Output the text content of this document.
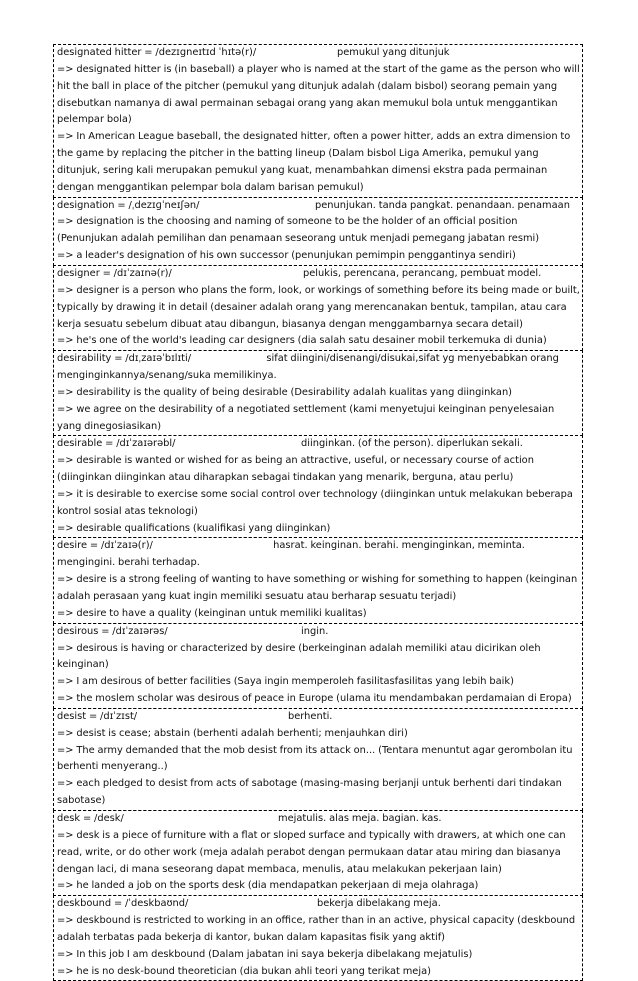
designated hitter = /dezɪgneɪtɪd ˈhɪtə(r)/	pemukul yang ditunjuk

=> designated hitter is (in baseball) a player who is named at the start of the game as the person who will hit the ball in place of the pitcher (pemukul yang ditunjuk adalah (dalam bisbol) seorang pemain yang disebutkan namanya di awal permainan sebagai orang yang akan memukul bola untuk menggantikan pelempar bola)

=> In American League baseball, the designated hitter, often a power hitter, adds an extra dimension to the game by replacing the pitcher in the batting lineup (Dalam bisbol Liga Amerika, pemukul yang ditunjuk, sering kali merupakan pemukul yang kuat, menambahkan dimensi ekstra pada permainan dengan menggantikan pelempar bola dalam barisan pemukul)

designation = /ˌdezɪɡˈneɪʃən/	penunjukan. tanda pangkat. penandaan. penamaan

=> designation is the choosing and naming of someone to be the holder of an official position (Penunjukan adalah pemilihan dan penamaan seseorang untuk menjadi pemegang jabatan resmi)

=> a leader's designation of his own successor (penunjukan pemimpin penggantinya sendiri)

designer = /dɪˈzaɪnə(r)/	pelukis, perencana, perancang, pembuat model.

=> designer is a person who plans the form, look, or workings of something before its being made or built, typically by drawing it in detail (desainer adalah orang yang merencanakan bentuk, tampilan, atau cara kerja sesuatu sebelum dibuat atau dibangun, biasanya dengan menggambarnya secara detail)

=> he's one of the world's leading car designers (dia salah satu desainer mobil terkemuka di dunia)

desirability = /dɪˌzaɪəˈbɪlɪti/	sifat diingini/disenangi/disukai,sifat yg menyebabkan orang menginginkannya/senang/suka memilikinya.

=> desirability is the quality of being desirable (Desirability adalah kualitas yang diinginkan)

=> we agree on the desirability of a negotiated settlement (kami menyetujui keinginan penyelesaian yang dinegosiasikan)

desirable = /dɪˈzaɪərəbl/	diinginkan. (of the person). diperlukan sekali.

=> desirable is wanted or wished for as being an attractive, useful, or necessary course of action (diinginkan diinginkan atau diharapkan sebagai tindakan yang menarik, berguna, atau perlu)

=> it is desirable to exercise some social control over technology (diinginkan untuk melakukan beberapa kontrol sosial atas teknologi)

=> desirable qualifications (kualifikasi yang diinginkan)

desire = /dɪˈzaɪə(r)/	hasrat. keinginan. berahi. menginginkan, meminta. mengingini. berahi terhadap.

=> desire is a strong feeling of wanting to have something or wishing for something to happen (keinginan adalah perasaan yang kuat ingin memiliki sesuatu atau berharap sesuatu terjadi)

=> desire to have a quality (keinginan untuk memiliki kualitas)

desirous = /dɪˈzaɪərəs/	ingin.

=> desirous is having or characterized by desire (berkeinginan adalah memiliki atau dicirikan oleh keinginan)

=> I am desirous of better facilities (Saya ingin memperoleh fasilitasfasilitas yang lebih baik)

=> the moslem scholar was desirous of peace in Europe (ulama itu mendambakan perdamaian di Eropa)

desist = /dɪˈzɪst/	berhenti.

=> desist is cease; abstain (berhenti adalah berhenti; menjauhkan diri)

=> The army demanded that the mob desist from its attack on... (Tentara menuntut agar gerombolan itu berhenti menyerang..)

=> each pledged to desist from acts of sabotage (masing-masing berjanji untuk berhenti dari tindakan sabotase)

desk = /desk/	mejatulis. alas meja. bagian. kas.

=> desk is a piece of furniture with a flat or sloped surface and typically with drawers, at which one can read, write, or do other work (meja adalah perabot dengan permukaan datar atau miring dan biasanya dengan laci, di mana seseorang dapat membaca, menulis, atau melakukan pekerjaan lain)

=> he landed a job on the sports desk (dia mendapatkan pekerjaan di meja olahraga)

deskbound = /ˈdeskbaʊnd/	bekerja dibelakang meja.

=> deskbound is restricted to working in an office, rather than in an active, physical capacity (deskbound adalah terbatas pada bekerja di kantor, bukan dalam kapasitas fisik yang aktif)

=> In this job I am deskbound (Dalam jabatan ini saya bekerja dibelakang mejatulis)

=> he is no desk-bound theoretician (dia bukan ahli teori yang terikat meja)
